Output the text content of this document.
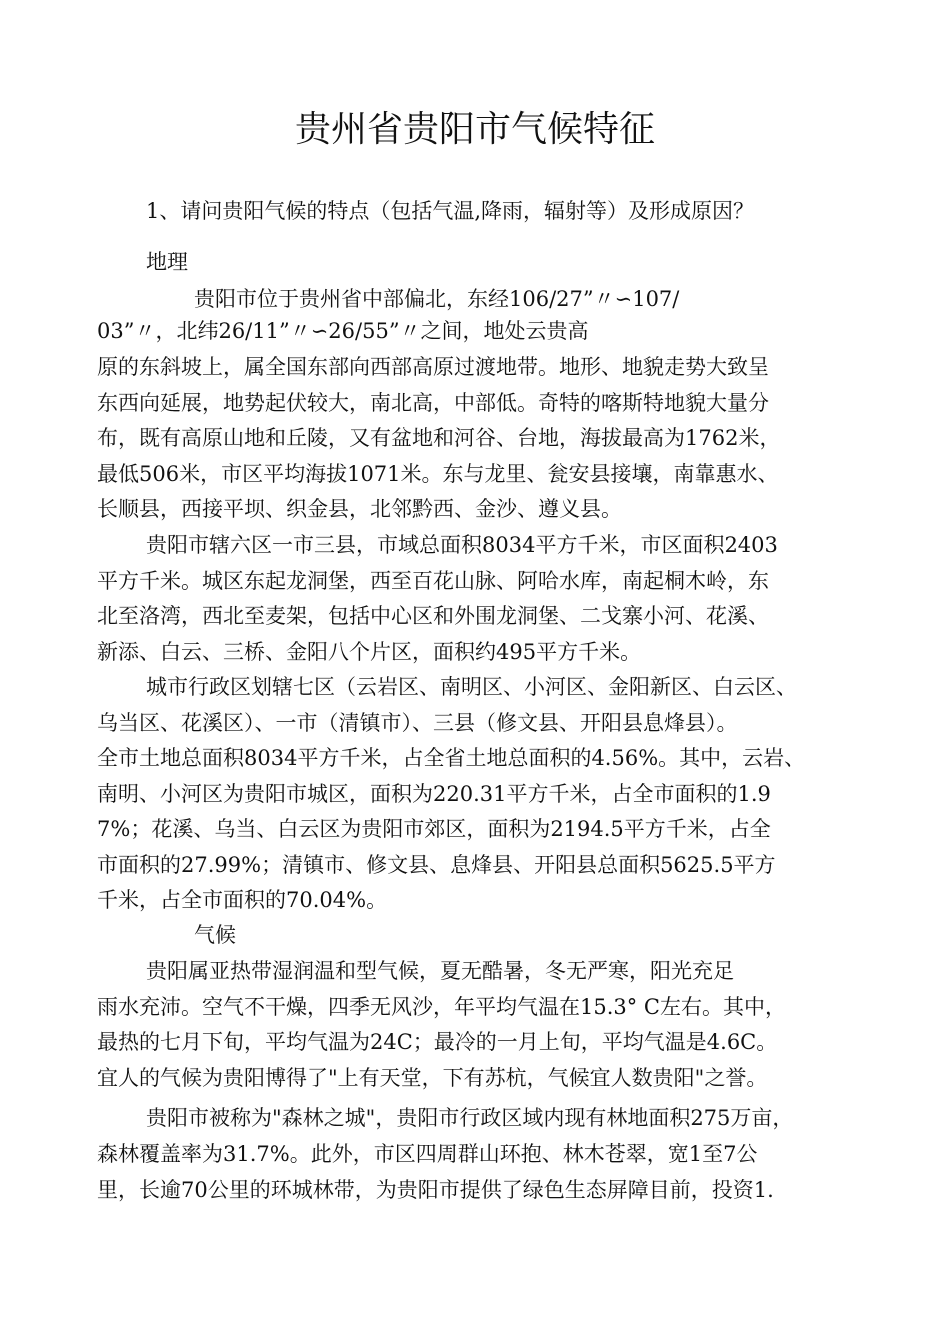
贵州省贵阳市气候特征

1、请问贵阳气候的特点（包括气温,降雨，辐射等）及形成原因？

地理

贵阳市位于贵州省中部偏北，东经106/27”〃∽107/

03”〃，北纬26/11”〃∽26/55”〃之间，地处云贵高

原的东斜坡上，属全国东部向西部高原过渡地带。地形、地貌走势大致呈

东西向延展，地势起伏较大，南北高，中部低。奇特的喀斯特地貌大量分

布，既有高原山地和丘陵，又有盆地和河谷、台地，海拔最高为1762米，

最低506米，市区平均海拔1071米。东与龙里、瓮安县接壤，南靠惠水、

长顺县，西接平坝、织金县，北邻黔西、金沙、遵义县。

贵阳市辖六区一市三县，市域总面积8034平方千米，市区面积2403

平方千米。城区东起龙洞堡，西至百花山脉、阿哈水库，南起桐木岭，东

北至洛湾，西北至麦架，包括中心区和外围龙洞堡、二戈寨小河、花溪、

新添、白云、三桥、金阳八个片区，面积约495平方千米。

城市行政区划辖七区（云岩区、南明区、小河区、金阳新区、白云区、

乌当区、花溪区）、一市（清镇市）、三县（修文县、开阳县息烽县）。

全市土地总面积8034平方千米，占全省土地总面积的4.56%。其中，云岩、

南明、小河区为贵阳市城区，面积为220.31平方千米，占全市面积的1.9

7%；花溪、乌当、白云区为贵阳市郊区，面积为2194.5平方千米，占全

市面积的27.99%；清镇市、修文县、息烽县、开阳县总面积5625.5平方

千米，占全市面积的70.04%。

气候

贵阳属亚热带湿润温和型气候，夏无酷暑，冬无严寒，阳光充足

雨水充沛。空气不干燥，四季无风沙，年平均气温在15.3° C左右。其中，

最热的七月下旬，平均气温为24C；最冷的一月上旬，平均气温是4.6C。

宜人的气候为贵阳博得了"上有天堂，下有苏杭，气候宜人数贵阳"之誉。

贵阳市被称为"森林之城"，贵阳市行政区域内现有林地面积275万亩，

森林覆盖率为31.7%。此外，市区四周群山环抱、林木苍翠，宽1至7公

里，长逾70公里的环城林带，为贵阳市提供了绿色生态屏障目前，投资1.
